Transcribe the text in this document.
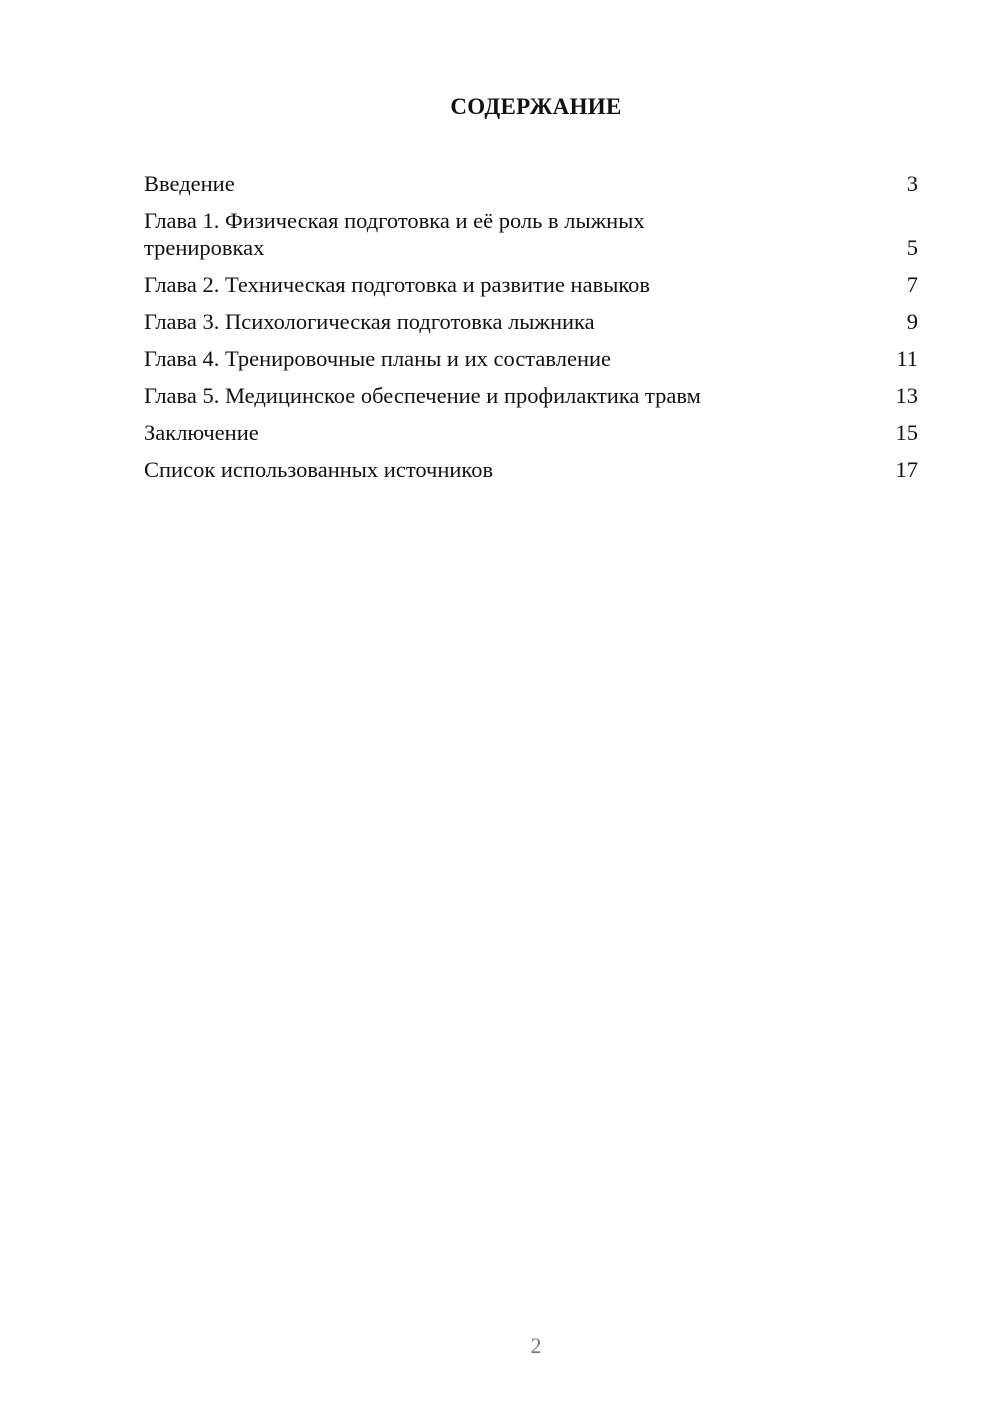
СОДЕРЖАНИЕ
Введение	3
Глава 1. Физическая подготовка и её роль в лыжных тренировках	5
Глава 2. Техническая подготовка и развитие навыков	7
Глава 3. Психологическая подготовка лыжника	9
Глава 4. Тренировочные планы и их составление	11
Глава 5. Медицинское обеспечение и профилактика травм	13
Заключение	15
Список использованных источников	17
2
